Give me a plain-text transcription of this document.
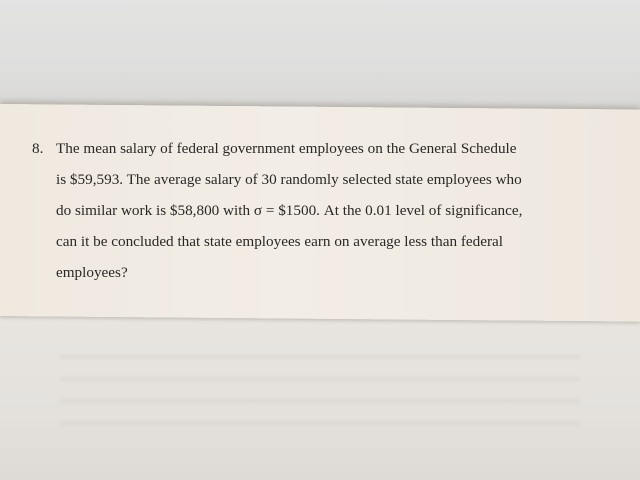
8. The mean salary of federal government employees on the General Schedule
is $59,593. The average salary of 30 randomly selected state employees who
do similar work is $58,800 with σ = $1500. At the 0.01 level of significance,
can it be concluded that state employees earn on average less than federal
employees?
